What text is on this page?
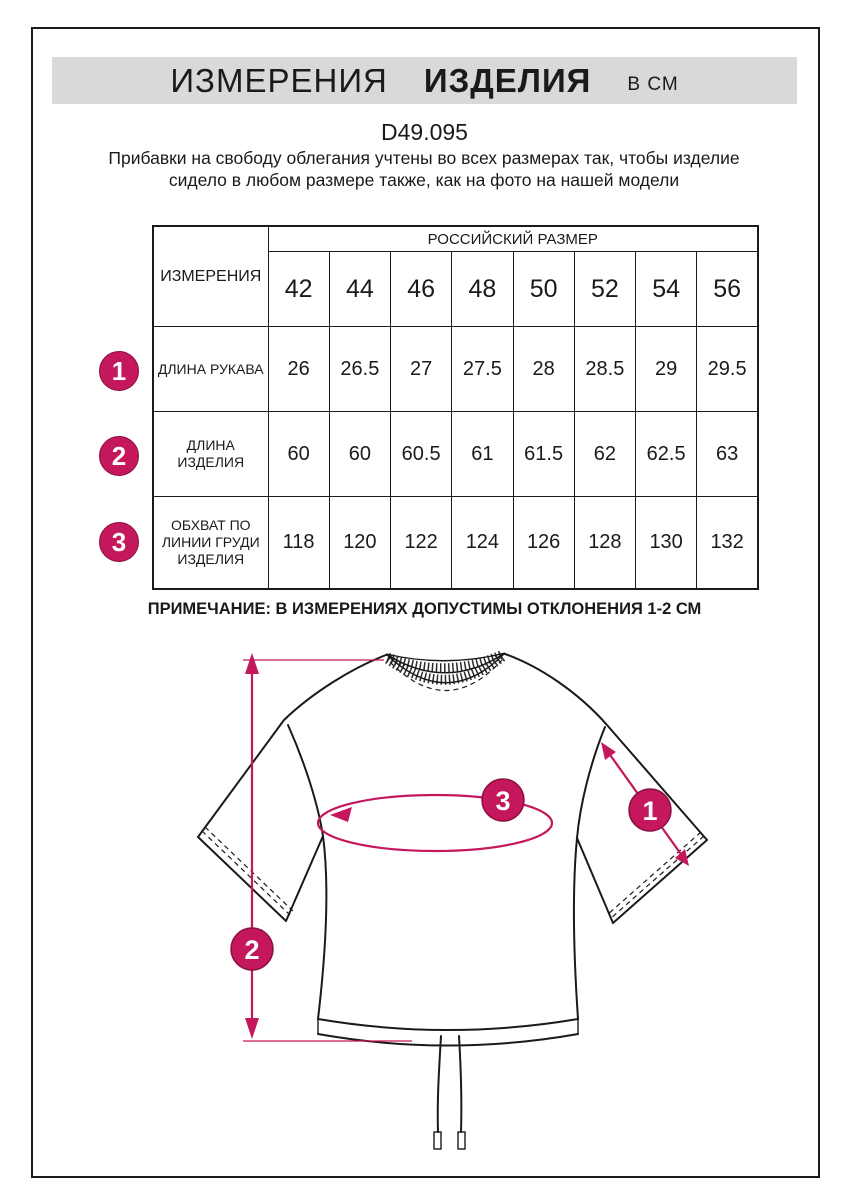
ИЗМЕРЕНИЯ ИЗДЕЛИЯ В СМ
D49.095
Прибавки на свободу облегания учтены во всех размерах так, чтобы изделие сидело в любом размере также, как на фото на нашей модели
ИЗМЕРЕНИЯ	РОССИЙСКИЙ РАЗМЕР							
	42	44	46	48	50	52	54	56
ДЛИНА РУКАВА	26	26.5	27	27.5	28	28.5	29	29.5
ДЛИНА ИЗДЕЛИЯ	60	60	60.5	61	61.5	62	62.5	63
ОБХВАТ ПО ЛИНИИ ГРУДИ ИЗДЕЛИЯ	118	120	122	124	126	128	130	132
1
2
3
ПРИМЕЧАНИЕ: В ИЗМЕРЕНИЯХ ДОПУСТИМЫ ОТКЛОНЕНИЯ 1-2 СМ
2
1
3
